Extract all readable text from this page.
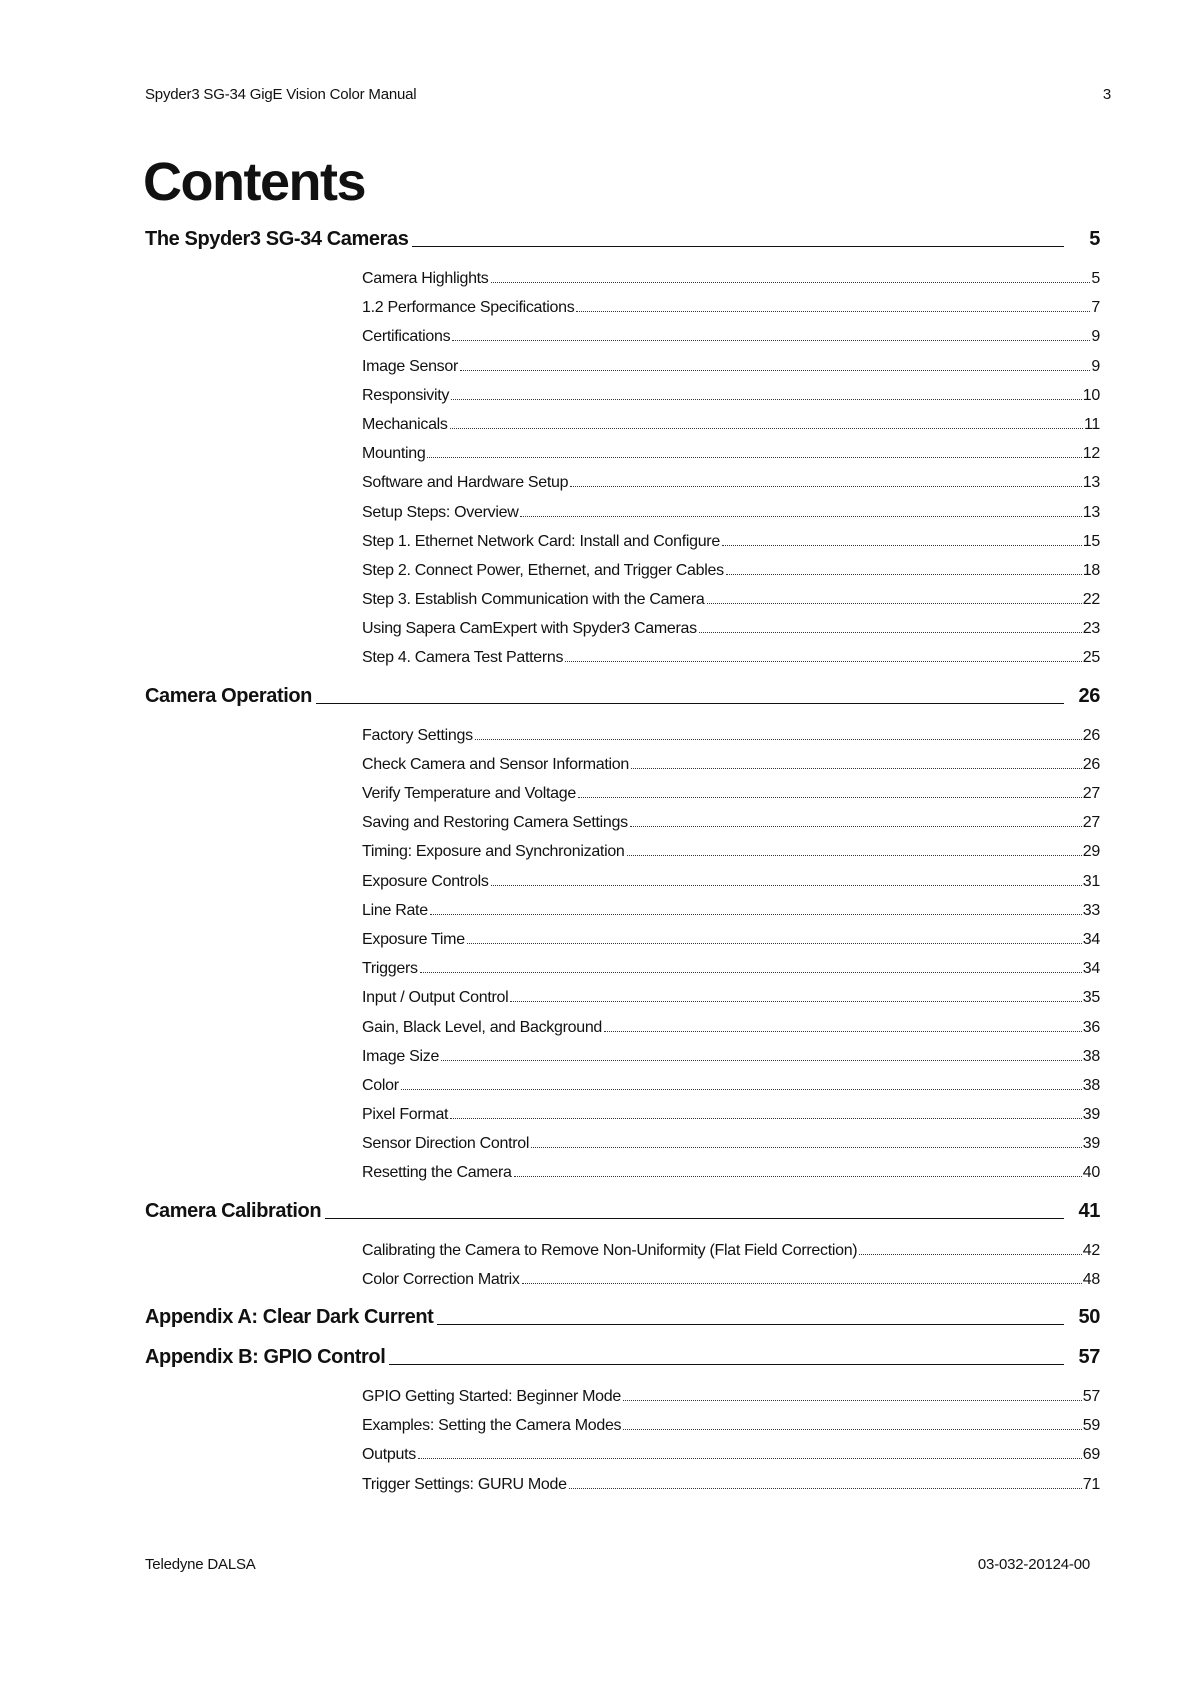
Spyder3 SG-34 GigE Vision Color Manual	3
Contents
The Spyder3 SG-34 Cameras	5
Camera Highlights	5
1.2 Performance Specifications	7
Certifications	9
Image Sensor	9
Responsivity	10
Mechanicals	11
Mounting	12
Software and Hardware Setup	13
Setup Steps: Overview	13
Step 1. Ethernet Network Card: Install and Configure	15
Step 2. Connect Power, Ethernet, and Trigger Cables	18
Step 3. Establish Communication with the Camera	22
Using Sapera CamExpert with Spyder3 Cameras	23
Step 4. Camera Test Patterns	25
Camera Operation	26
Factory Settings	26
Check Camera and Sensor Information	26
Verify Temperature and Voltage	27
Saving and Restoring Camera Settings	27
Timing: Exposure and Synchronization	29
Exposure Controls	31
Line Rate	33
Exposure Time	34
Triggers	34
Input / Output Control	35
Gain, Black Level, and Background	36
Image Size	38
Color	38
Pixel Format	39
Sensor Direction Control	39
Resetting the Camera	40
Camera Calibration	41
Calibrating the Camera to Remove Non-Uniformity (Flat Field Correction)	42
Color Correction Matrix	48
Appendix A: Clear Dark Current	50
Appendix B: GPIO Control	57
GPIO Getting Started: Beginner Mode	57
Examples: Setting the Camera Modes	59
Outputs	69
Trigger Settings: GURU Mode	71
Teledyne DALSA	03-032-20124-00
